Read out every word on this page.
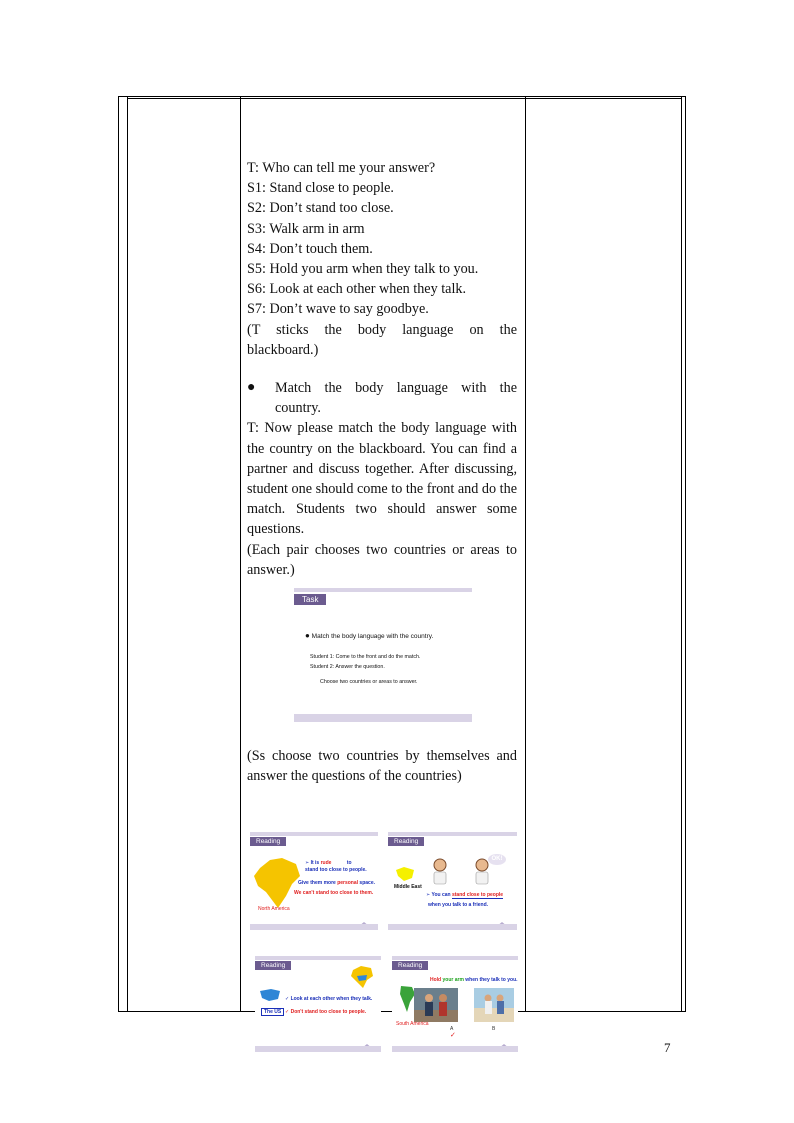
T: Who can tell me your answer?

S1: Stand close to people.

S2: Don’t stand too close.

S3: Walk arm in arm

S4: Don’t touch them.

S5: Hold you arm when they talk to you.

S6: Look at each other when they talk.

S7: Don’t wave to say goodbye.

(T sticks the body language on the

blackboard.)

●	Match the body language with the country.

T: Now please match the body language with the country on the blackboard. You can find a partner and discuss together. After discussing, student one should come to the front and do the match. Students two should answer some questions.

(Each pair chooses two countries or areas to answer.)

Task
● Match the body language with the country.
Student 1: Come to the front and do the match.
Student 2: Answer the question.
Choose two countries or areas to answer.

(Ss choose two countries by themselves and answer the questions of the countries)

Reading
➢ It is rude	to
stand too close to people.
Give them more personal space.
We can't stand too close to them.
North America
Reading
OK!
Middle East
➢ You can stand close to people
when you talk to a friend.
Reading
The US
✓ Look at each other when they talk.
✓ Don't stand too close to people.
Reading
Hold your arm when they talk to you.
South America
A
✓
B
7
